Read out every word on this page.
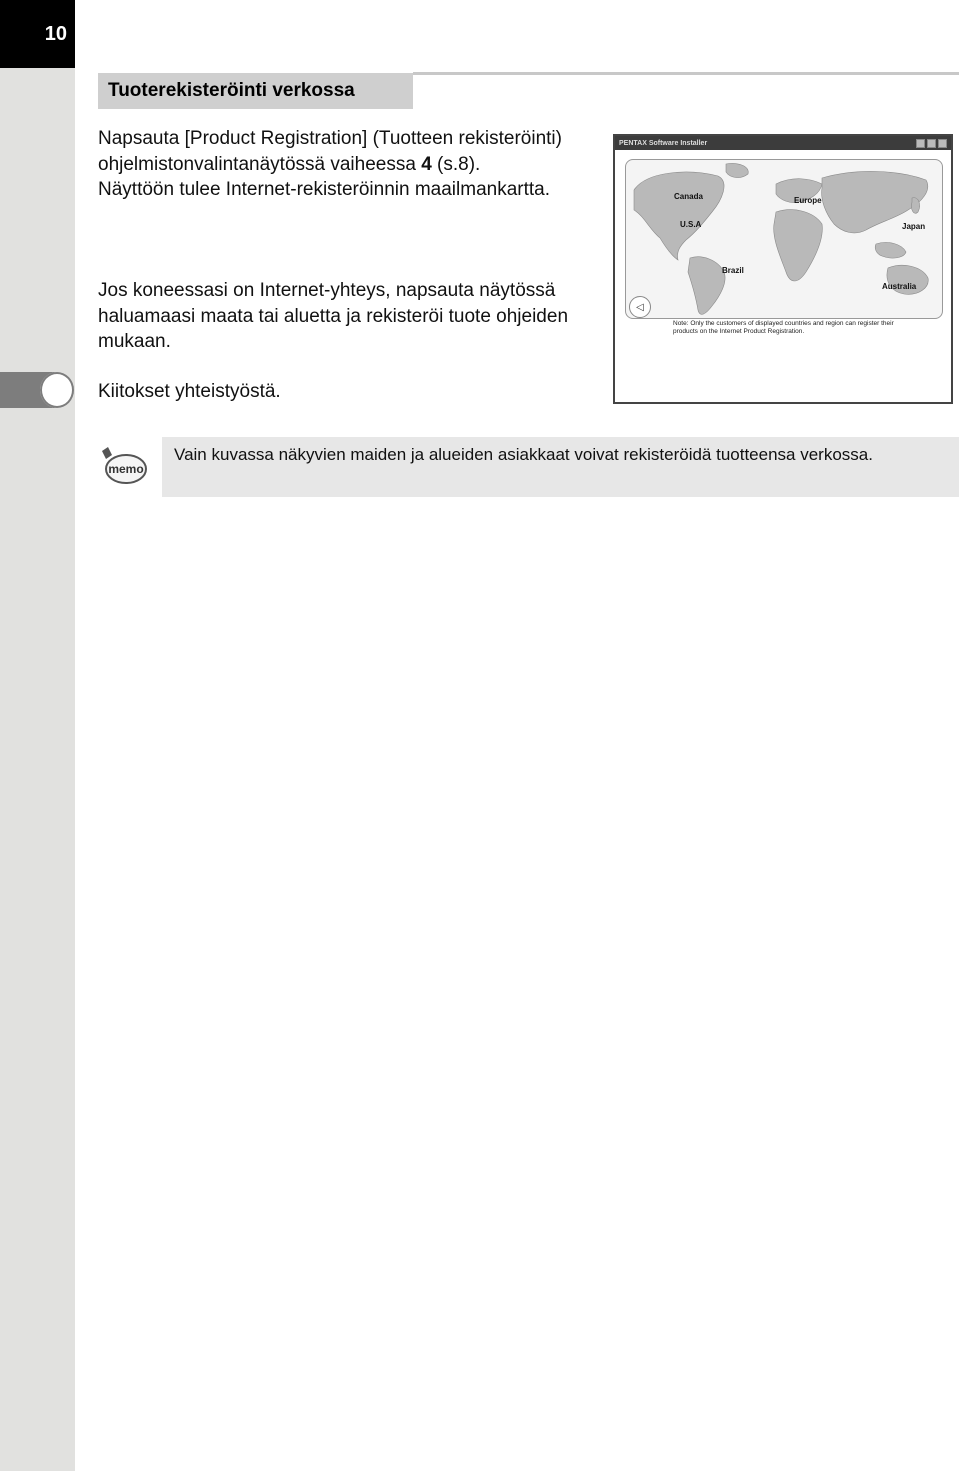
10
Tuoterekisteröinti verkossa
Napsauta [Product Registration] (Tuotteen rekisteröinti) ohjelmistonvalintanäytössä vaiheessa 4 (s.8).
Näyttöön tulee Internet-rekisteröinnin maailmankartta.
Jos koneessasi on Internet-yhteys, napsauta näytössä haluamaasi maata tai aluetta ja rekisteröi tuote ohjeiden mukaan.
Kiitokset yhteistyöstä.
PENTAX Software Installer
Canada	Europe
U.S.A	Japan
Brazil
Australia
◁
Note: Only the customers of displayed countries and region can register their products on the Internet Product Registration.
memo
Vain kuvassa näkyvien maiden ja alueiden asiakkaat voivat rekisteröidä tuotteensa verkossa.
